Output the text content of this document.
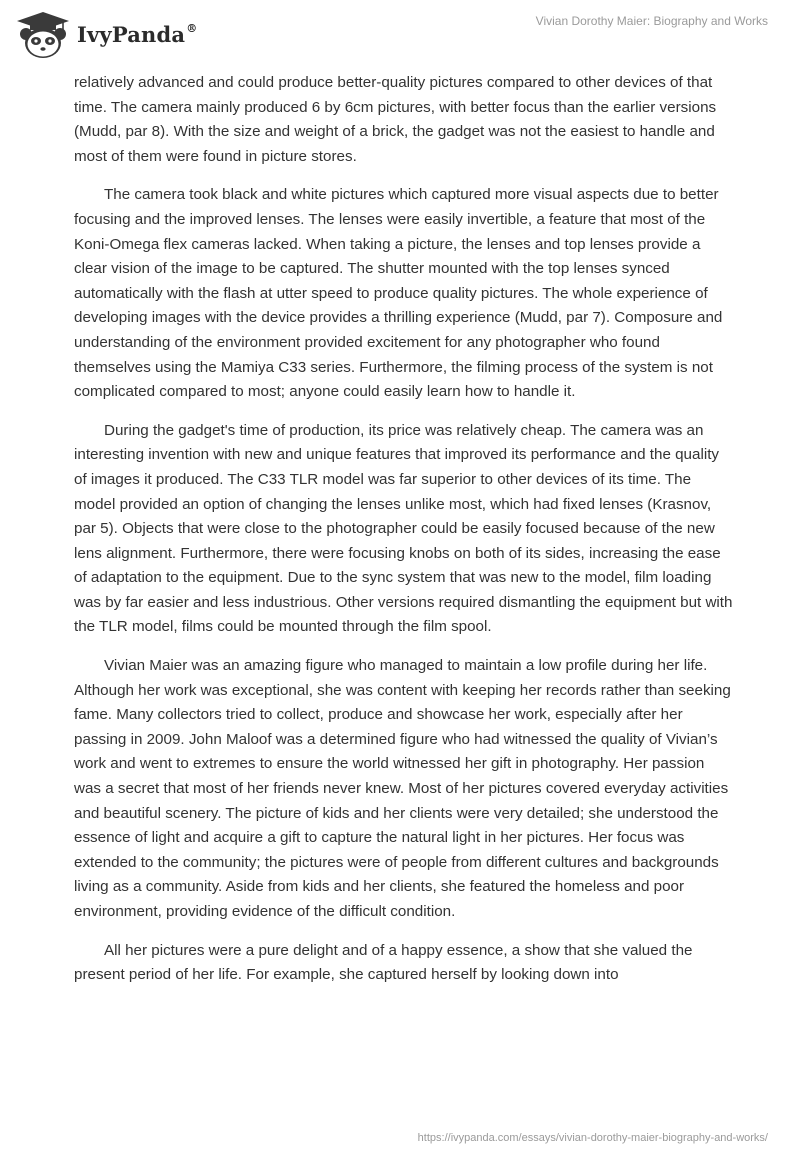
IvyPanda®
Vivian Dorothy Maier: Biography and Works

relatively advanced and could produce better-quality pictures compared to other devices of that time. The camera mainly produced 6 by 6cm pictures, with better focus than the earlier versions (Mudd, par 8). With the size and weight of a brick, the gadget was not the easiest to handle and most of them were found in picture stores.

The camera took black and white pictures which captured more visual aspects due to better focusing and the improved lenses. The lenses were easily invertible, a feature that most of the Koni-Omega flex cameras lacked. When taking a picture, the lenses and top lenses provide a clear vision of the image to be captured. The shutter mounted with the top lenses synced automatically with the flash at utter speed to produce quality pictures. The whole experience of developing images with the device provides a thrilling experience (Mudd, par 7). Composure and understanding of the environment provided excitement for any photographer who found themselves using the Mamiya C33 series. Furthermore, the filming process of the system is not complicated compared to most; anyone could easily learn how to handle it.

During the gadget's time of production, its price was relatively cheap. The camera was an interesting invention with new and unique features that improved its performance and the quality of images it produced. The C33 TLR model was far superior to other devices of its time. The model provided an option of changing the lenses unlike most, which had fixed lenses (Krasnov, par 5). Objects that were close to the photographer could be easily focused because of the new lens alignment. Furthermore, there were focusing knobs on both of its sides, increasing the ease of adaptation to the equipment. Due to the sync system that was new to the model, film loading was by far easier and less industrious. Other versions required dismantling the equipment but with the TLR model, films could be mounted through the film spool.

Vivian Maier was an amazing figure who managed to maintain a low profile during her life. Although her work was exceptional, she was content with keeping her records rather than seeking fame. Many collectors tried to collect, produce and showcase her work, especially after her passing in 2009. John Maloof was a determined figure who had witnessed the quality of Vivian’s work and went to extremes to ensure the world witnessed her gift in photography. Her passion was a secret that most of her friends never knew. Most of her pictures covered everyday activities and beautiful scenery. The picture of kids and her clients were very detailed; she understood the essence of light and acquire a gift to capture the natural light in her pictures. Her focus was extended to the community; the pictures were of people from different cultures and backgrounds living as a community. Aside from kids and her clients, she featured the homeless and poor environment, providing evidence of the difficult condition.

All her pictures were a pure delight and of a happy essence, a show that she valued the present period of her life. For example, she captured herself by looking down into

https://ivypanda.com/essays/vivian-dorothy-maier-biography-and-works/
